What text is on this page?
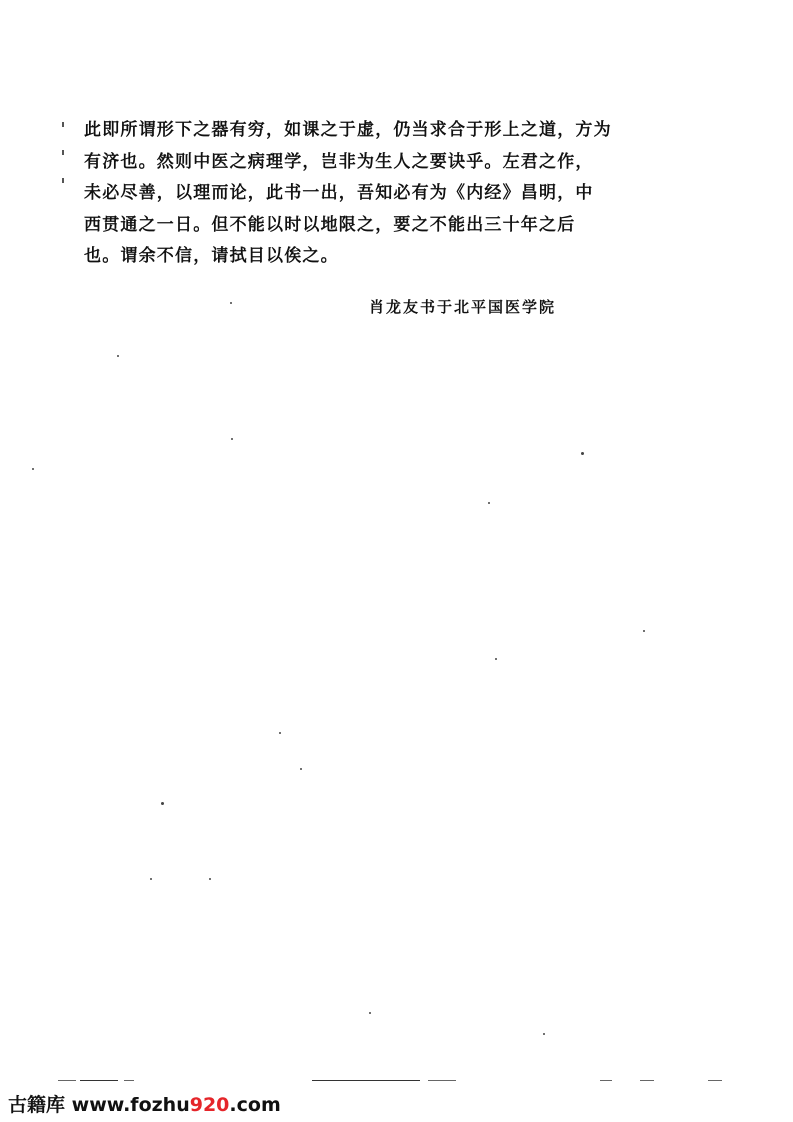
此即所谓形下之器有穷，如课之于虚，仍当求合于形上之道，方为
有济也。然则中医之病理学，岂非为生人之要诀乎。左君之作，
未必尽善，以理而论，此书一出，吾知必有为《内经》昌明，中
西贯通之一日。但不能以时以地限之，要之不能出三十年之后
也。谓余不信，请拭目以俟之。
肖龙友书于北平国医学院
古籍库 www.fozhu920.com
